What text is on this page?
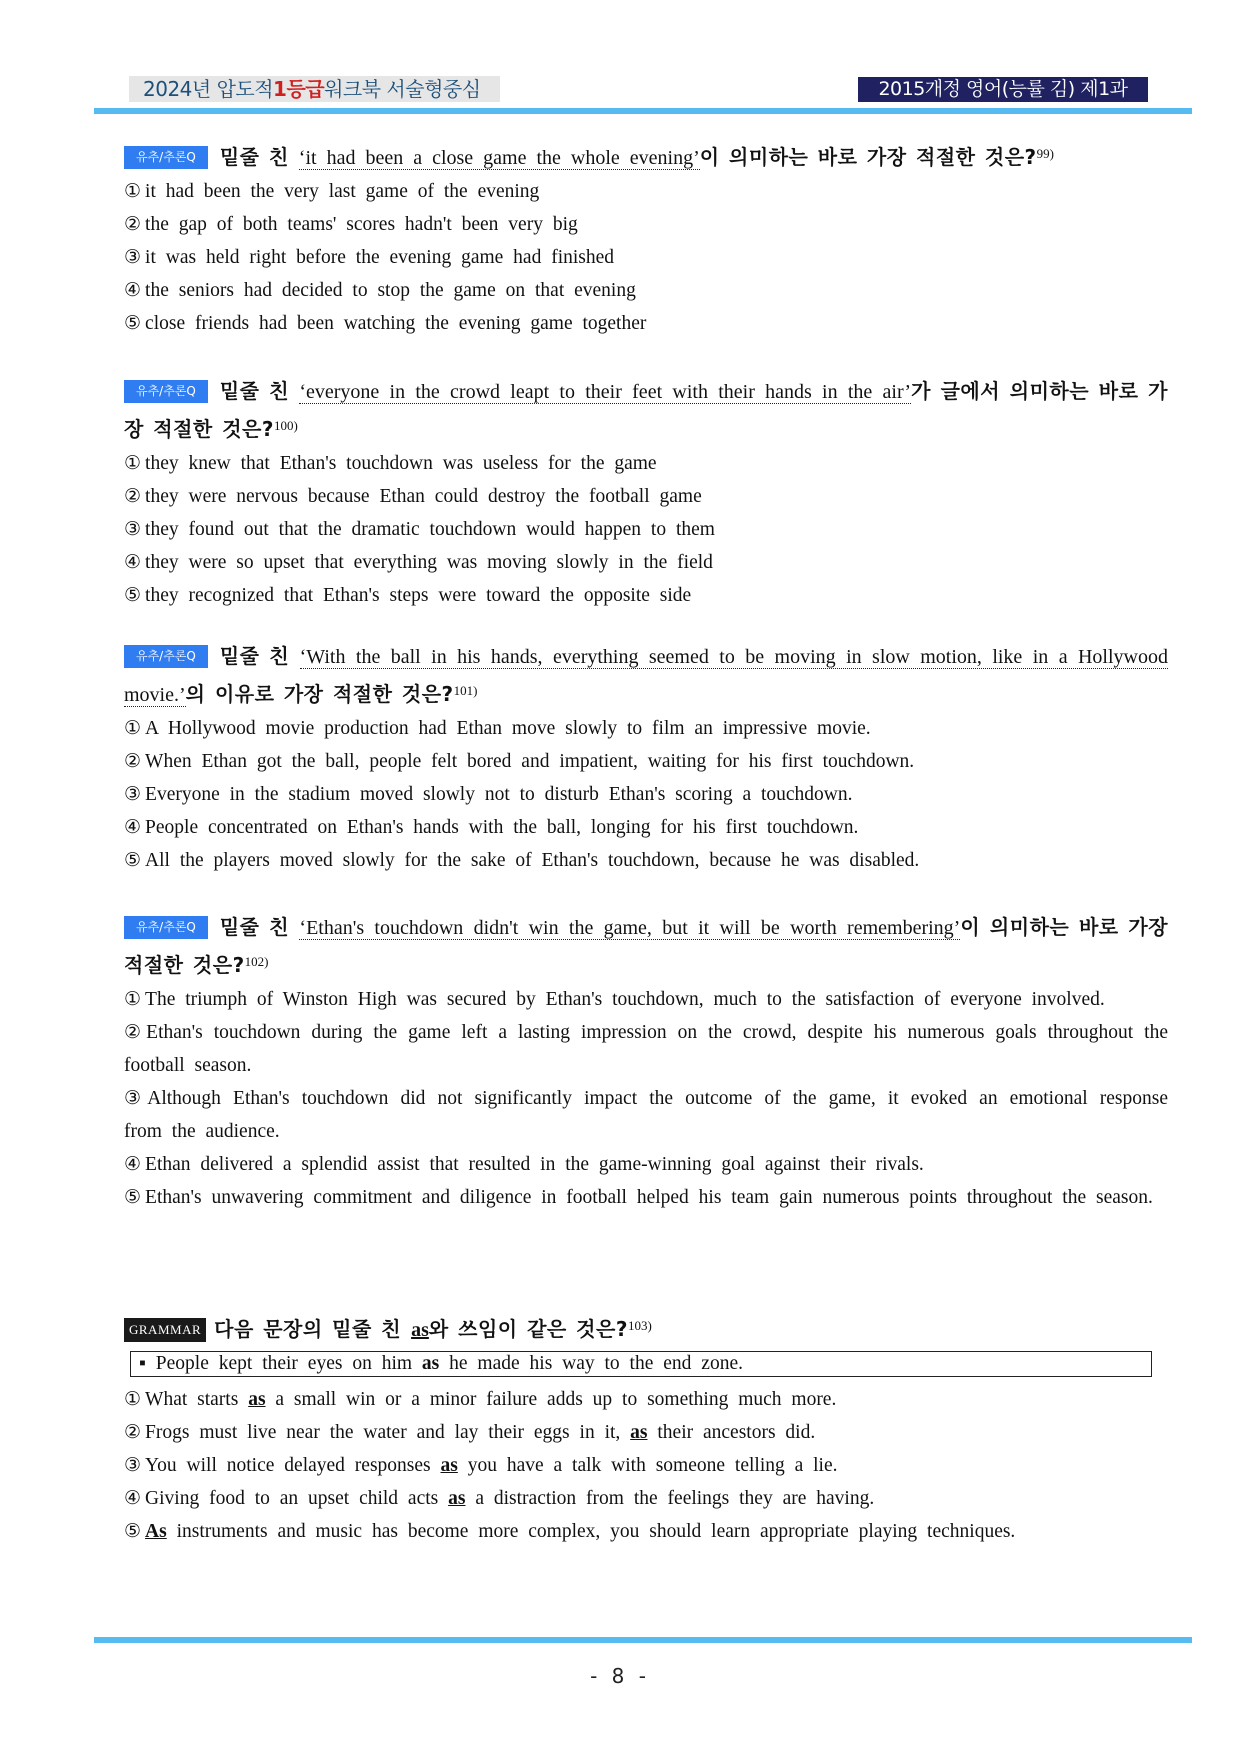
2024년 압도적1등급워크북 서술형중심	2015개정 영어(능률 김) 제1과
유추/추론Q 밑줄 친 ‘it had been a close game the whole evening’이 의미하는 바로 가장 적절한 것은?$^{99)}$
① it had been the very last game of the evening
② the gap of both teams' scores hadn't been very big
③ it was held right before the evening game had finished
④ the seniors had decided to stop the game on that evening
⑤ close friends had been watching the evening game together
유추/추론Q 밑줄 친 ‘everyone in the crowd leapt to their feet with their hands in the air’가 글에서 의미하는 바로 가장 적절한 것은?$^{100)}$
① they knew that Ethan's touchdown was useless for the game
② they were nervous because Ethan could destroy the football game
③ they found out that the dramatic touchdown would happen to them
④ they were so upset that everything was moving slowly in the field
⑤ they recognized that Ethan's steps were toward the opposite side
유추/추론Q 밑줄 친 ‘With the ball in his hands, everything seemed to be moving in slow motion, like in a Hollywood movie.’의 이유로 가장 적절한 것은?$^{101)}$
① A Hollywood movie production had Ethan move slowly to film an impressive movie.
② When Ethan got the ball, people felt bored and impatient, waiting for his first touchdown.
③ Everyone in the stadium moved slowly not to disturb Ethan's scoring a touchdown.
④ People concentrated on Ethan's hands with the ball, longing for his first touchdown.
⑤ All the players moved slowly for the sake of Ethan's touchdown, because he was disabled.
유추/추론Q 밑줄 친 ‘Ethan's touchdown didn't win the game, but it will be worth remembering’이 의미하는 바로 가장 적절한 것은?$^{102)}$
① The triumph of Winston High was secured by Ethan's touchdown, much to the satisfaction of everyone involved.
② Ethan's touchdown during the game left a lasting impression on the crowd, despite his numerous goals throughout the football season.
③ Although Ethan's touchdown did not significantly impact the outcome of the game, it evoked an emotional response from the audience.
④ Ethan delivered a splendid assist that resulted in the game-winning goal against their rivals.
⑤ Ethan's unwavering commitment and diligence in football helped his team gain numerous points throughout the season.
GRAMMAR 다음 문장의 밑줄 친 as와 쓰임이 같은 것은?$^{103)}$
▪ People kept their eyes on him as he made his way to the end zone.
① What starts as a small win or a minor failure adds up to something much more.
② Frogs must live near the water and lay their eggs in it, as their ancestors did.
③ You will notice delayed responses as you have a talk with someone telling a lie.
④ Giving food to an upset child acts as a distraction from the feelings they are having.
⑤ As instruments and music has become more complex, you should learn appropriate playing techniques.
- 8 -
